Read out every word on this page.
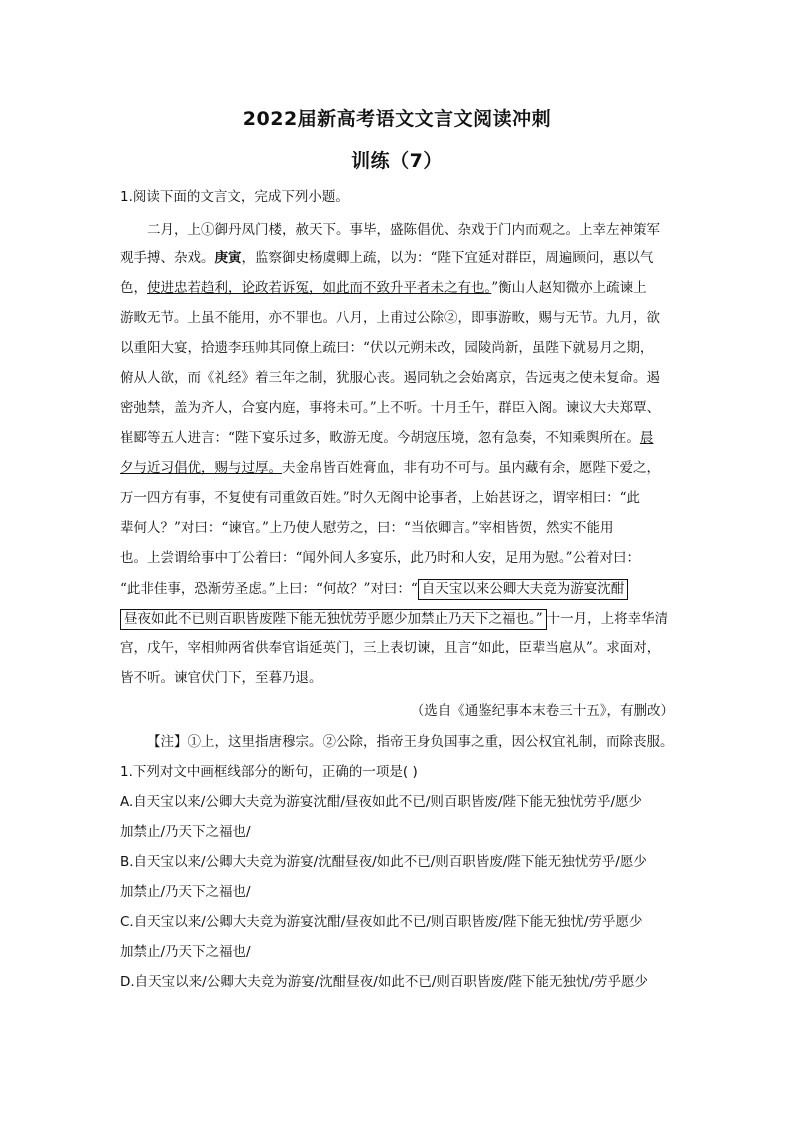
2022届新高考语文文言文阅读冲刺
训练（7）
1.阅读下面的文言文，完成下列小题。
二月，上①御丹凤门楼，赦天下。事毕，盛陈倡优、杂戏于门内而观之。上幸左神策军
观手搏、杂戏。庚寅，监察御史杨虞卿上疏，以为：“陛下宜延对群臣，周遍顾问，惠以气
色，使进忠若趋利，论政若诉冤，如此而不致升平者未之有也。”衡山人赵知微亦上疏谏上
游畋无节。上虽不能用，亦不罪也。八月，上甫过公除②，即事游畋，赐与无节。九月，欲
以重阳大宴，拾遗李珏帅其同僚上疏曰：“伏以元朔未改，园陵尚新，虽陛下就易月之期，
俯从人欲，而《礼经》着三年之制，犹服心丧。遏同轨之会始离京，告远夷之使未复命。遏
密弛禁，盖为齐人，合宴内庭，事将未可。”上不听。十月壬午，群臣入阁。谏议大夫郑覃、
崔郾等五人进言：“陛下宴乐过多，畋游无度。今胡寇压境，忽有急奏，不知乘舆所在。晨
夕与近习倡优，赐与过厚。夫金帛皆百姓膏血，非有功不可与。虽内藏有余，愿陛下爱之，
万一四方有事，不复使有司重敛百姓。”时久无阁中论事者，上始甚讶之，谓宰相曰：“此
辈何人？”对曰：“谏官。”上乃使人慰劳之，曰：“当依卿言。”宰相皆贺，然实不能用
也。上尝谓给事中丁公着曰：“闻外间人多宴乐，此乃时和人安，足用为慰。”公着对曰：
“此非佳事，恐渐劳圣虑。”上曰：“何故？”对曰：“ 自天宝以来公卿大夫竞为游宴沈酣
昼夜如此不已则百职皆废陛下能无独忧劳乎愿少加禁止乃天下之福也。” 十一月，上将幸华清
宫，戊午，宰相帅两省供奉官诣延英门，三上表切谏，且言“如此，臣辈当扈从”。求面对，
皆不听。谏官伏门下，至暮乃退。
（选自《通鉴纪事本末卷三十五》，有删改）
【注】①上，这里指唐穆宗。②公除，指帝王身负国事之重，因公权宜礼制，而除丧服。
1.下列对文中画框线部分的断句，正确的一项是( )
A.自天宝以来/公卿大夫竞为游宴沈酣/昼夜如此不已/则百职皆废/陛下能无独忧劳乎/愿少
加禁止/乃天下之福也/
B.自天宝以来/公卿大夫竞为游宴/沈酣昼夜/如此不已/则百职皆废/陛下能无独忧劳乎/愿少
加禁止/乃天下之福也/
C.自天宝以来/公卿大夫竞为游宴沈酣/昼夜如此不已/则百职皆废/陛下能无独忧/劳乎愿少
加禁止/乃天下之福也/
D.自天宝以来/公卿大夫竞为游宴/沈酣昼夜/如此不已/则百职皆废/陛下能无独忧/劳乎愿少
